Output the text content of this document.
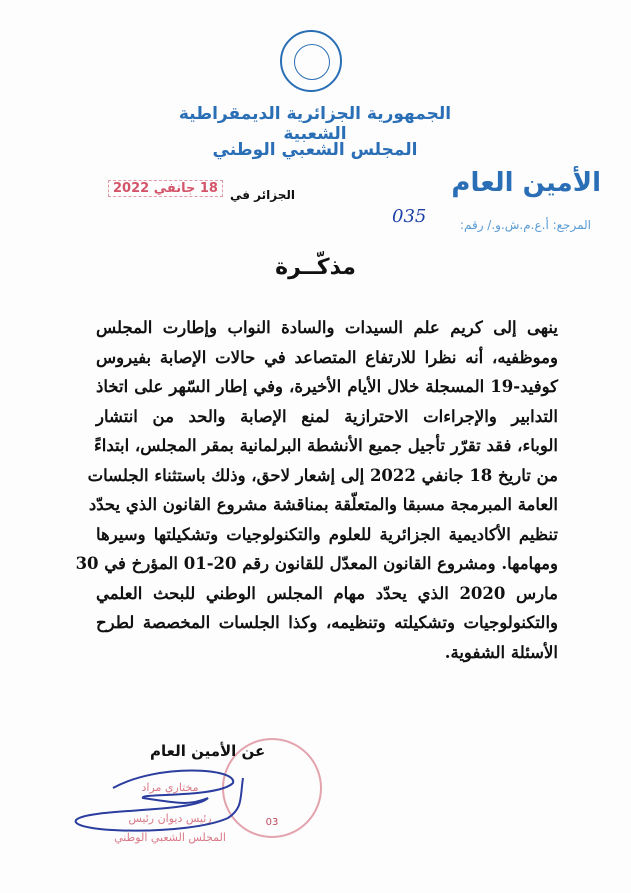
الجمهورية الجزائرية الديمقراطية الشعبية
المجلس الشعبي الوطني
الأمين العام
المرجع: أ.ع.م.ش.و./ رقم:
035
الجزائر في
18 جانفي 2022
مذكّــرة
ينهى إلى كريم علم السيدات والسادة النواب وإطارت المجلس
وموظفيه، أنه نظرا للارتفاع المتصاعد في حالات الإصابة بفيروس
كوفيد-19 المسجلة خلال الأيام الأخيرة، وفي إطار السّهر على اتخاذ
التدابير والإجراءات الاحترازية لمنع الإصابة والحد من انتشار
الوباء، فقد تقرّر تأجيل جميع الأنشطة البرلمانية بمقر المجلس، ابتداءً
من تاريخ 18 جانفي 2022 إلى إشعار لاحق، وذلك باستثناء الجلسات
العامة المبرمجة مسبقا والمتعلّقة بمناقشة مشروع القانون الذي يحدّد
تنظيم الأكاديمية الجزائرية للعلوم والتكنولوجيات وتشكيلتها وسيرها
ومهامها. ومشروع القانون المعدّل للقانون رقم 20-01 المؤرخ في 30
مارس 2020 الذي يحدّد مهام المجلس الوطني للبحث العلمي
والتكنولوجيات وتشكيلته وتنظيمه، وكذا الجلسات المخصصة لطرح
الأسئلة الشفوية.
03
عن الأمين العام
مختاري مراد
رئيس ديوان رئيس
المجلس الشعبي الوطني
